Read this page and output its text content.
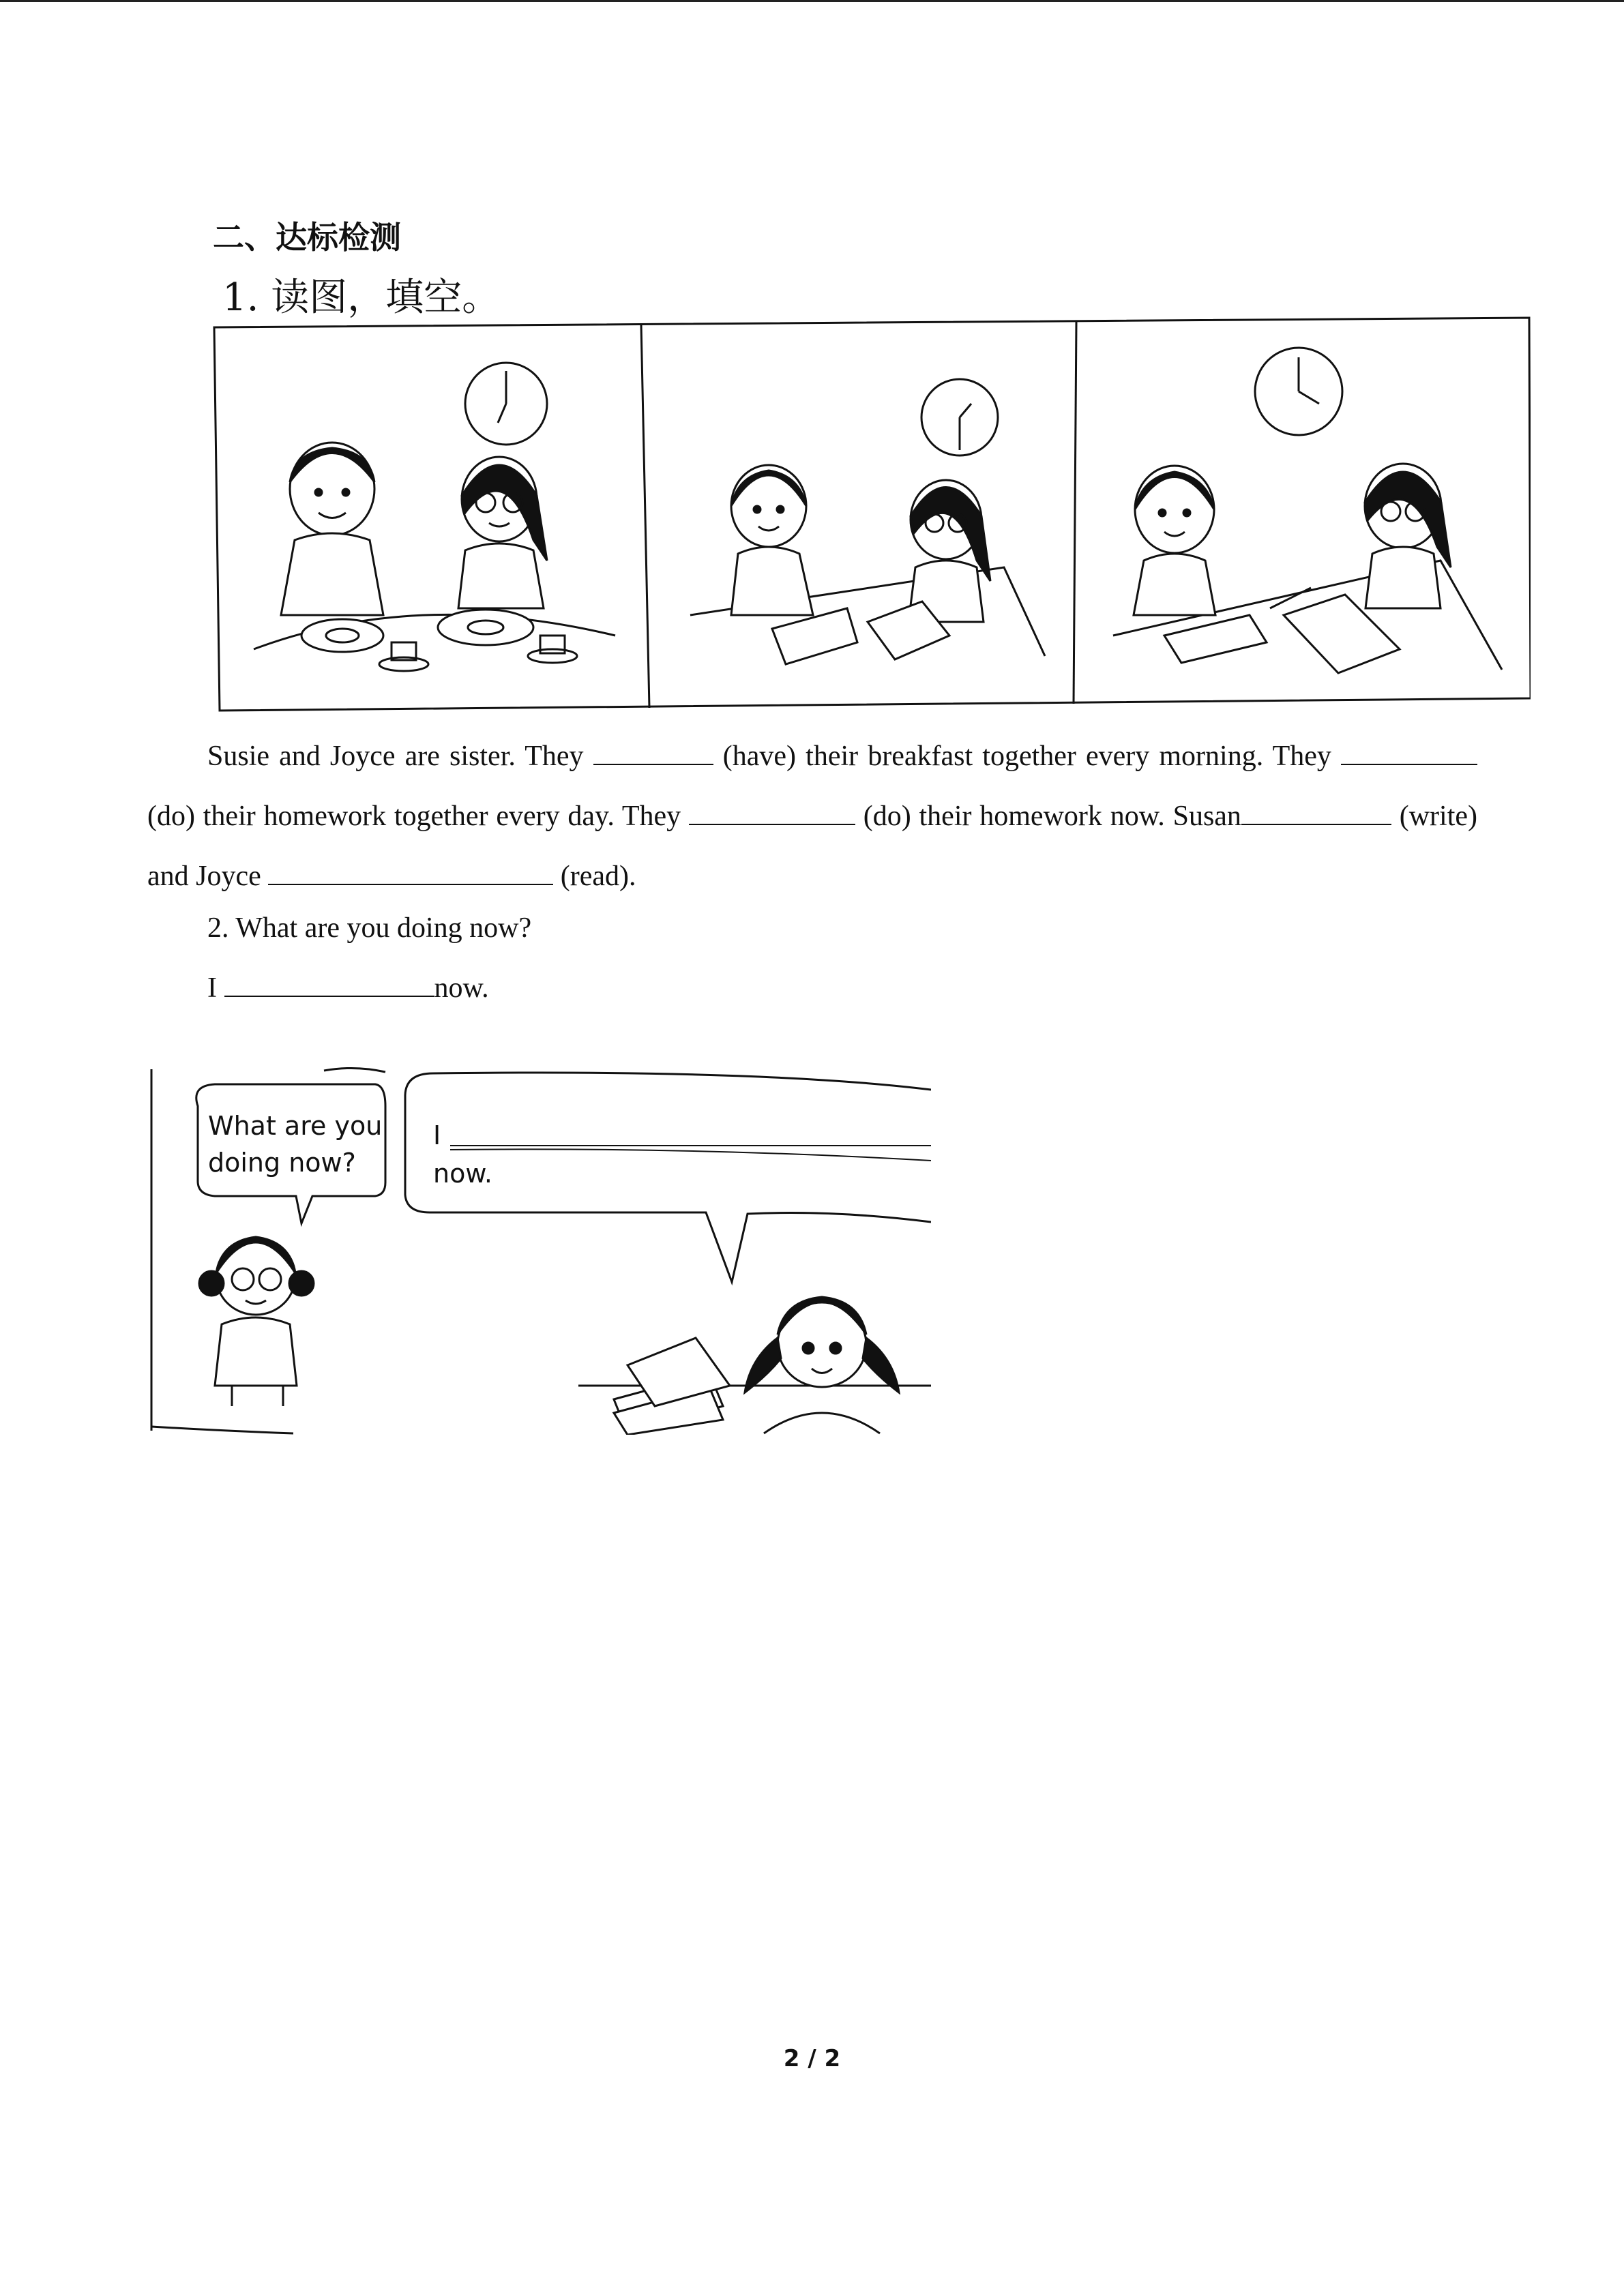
二、达标检测
1. 读图，填空。

Susie and Joyce are sister. They	(have) their breakfast together every morning. They  (do) their homework together every day. They	(do) their homework now. Susan	(write) and Joyce	(read).

2. What are you doing now?

I	now.

What are you
doing now?
I
now.
2 / 2
